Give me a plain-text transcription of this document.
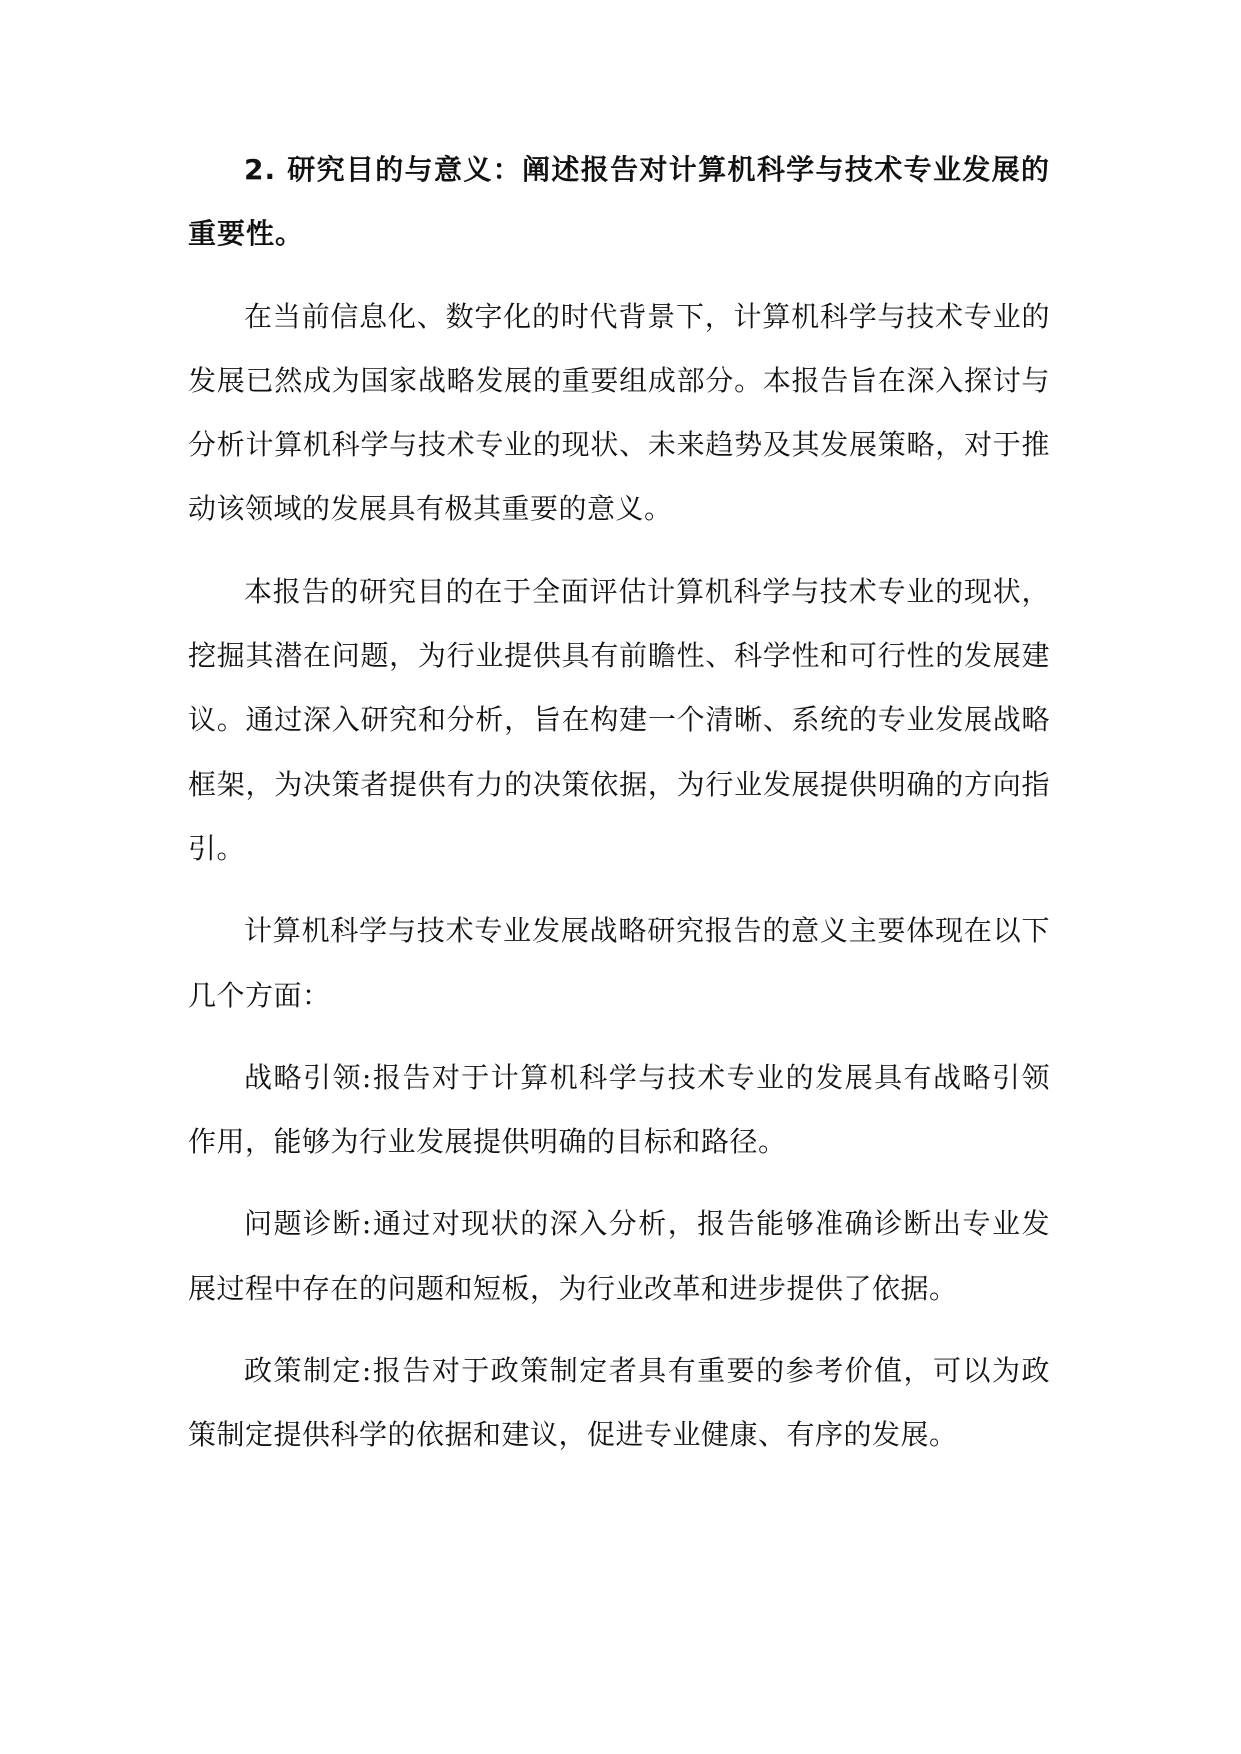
2. 研究目的与意义：阐述报告对计算机科学与技术专业发展的重要性。

在当前信息化、数字化的时代背景下，计算机科学与技术专业的发展已然成为国家战略发展的重要组成部分。本报告旨在深入探讨与分析计算机科学与技术专业的现状、未来趋势及其发展策略，对于推动该领域的发展具有极其重要的意义。

本报告的研究目的在于全面评估计算机科学与技术专业的现状，挖掘其潜在问题，为行业提供具有前瞻性、科学性和可行性的发展建议。通过深入研究和分析，旨在构建一个清晰、系统的专业发展战略框架，为决策者提供有力的决策依据，为行业发展提供明确的方向指引。

计算机科学与技术专业发展战略研究报告的意义主要体现在以下几个方面：

战略引领:报告对于计算机科学与技术专业的发展具有战略引领作用，能够为行业发展提供明确的目标和路径。

问题诊断:通过对现状的深入分析，报告能够准确诊断出专业发展过程中存在的问题和短板，为行业改革和进步提供了依据。

政策制定:报告对于政策制定者具有重要的参考价值，可以为政策制定提供科学的依据和建议，促进专业健康、有序的发展。
